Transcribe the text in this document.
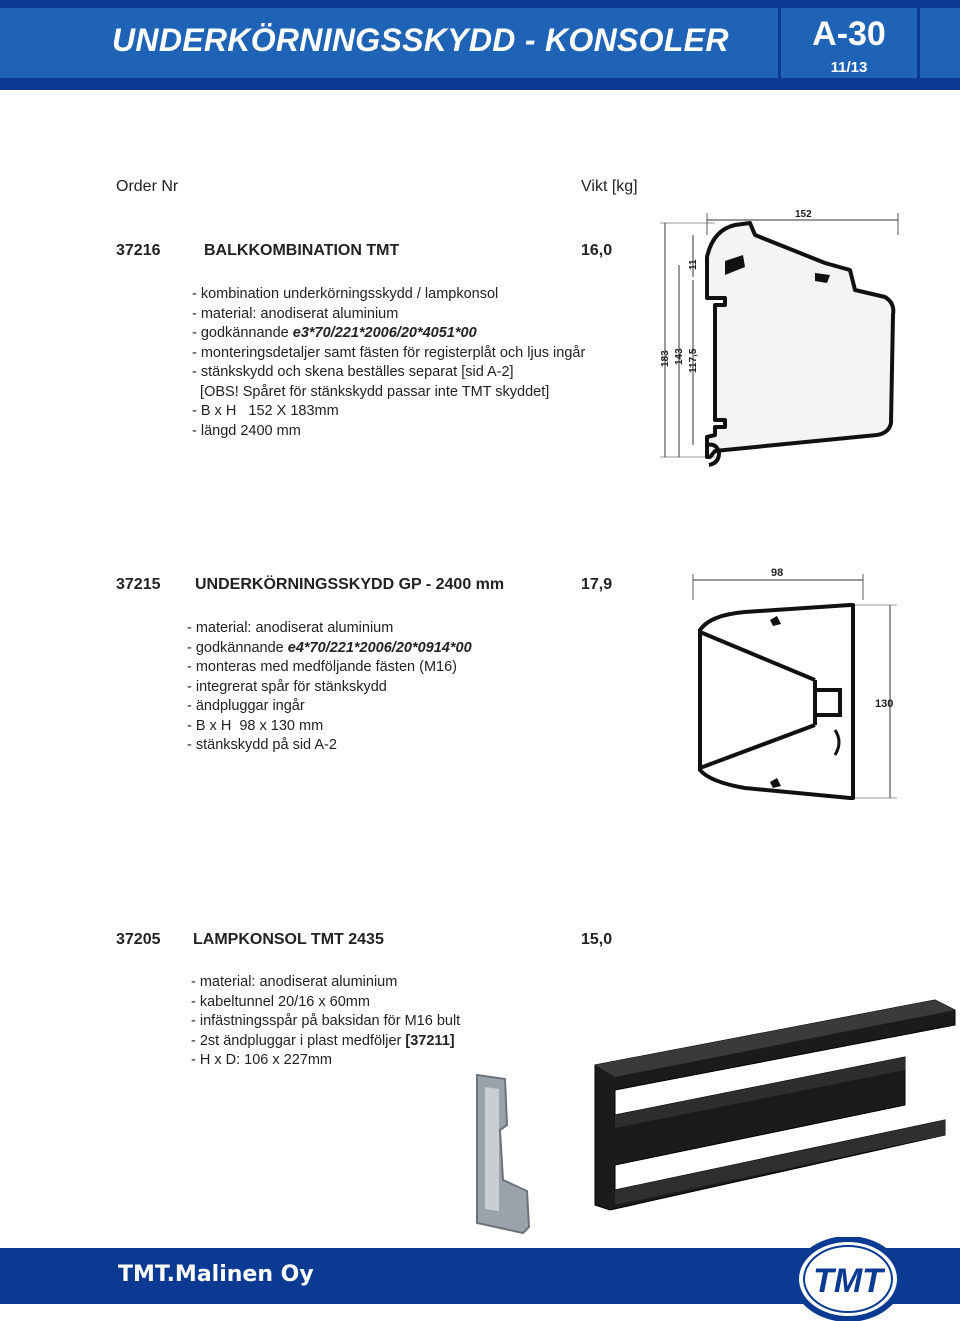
UNDERKÖRNINGSSKYDD - KONSOLER	A-30
11/13
Order Nr	Vikt [kg]
37216	BALKKOMBINATION TMT	16,0
- kombination underkörningsskydd / lampkonsol
- material: anodiserat aluminium
- godkännande e3*70/221*2006/20*4051*00
- monteringsdetaljer samt fästen för registerplåt och ljus ingår
- stänkskydd och skena beställes separat [sid A-2]
[OBS! Spåret för stänkskydd passar inte TMT skyddet]
- B x H   152 X 183mm
- längd 2400 mm
152
183 143 117,5
11
37215 UNDERKÖRNINGSSKYDD GP - 2400 mm	17,9
- material: anodiserat aluminium
- godkännande e4*70/221*2006/20*0914*00
- monteras med medföljande fästen (M16)
- integrerat spår för stänkskydd
- ändpluggar ingår
- B x H  98 x 130 mm
- stänkskydd på sid A-2
98
130
37205 LAMPKONSOL TMT 2435	15,0
- material: anodiserat aluminium
- kabeltunnel 20/16 x 60mm
- infästningsspår på baksidan för M16 bult
- 2st ändpluggar i plast medföljer [37211]
- H x D: 106 x 227mm
TMT.Malinen Oy	TMT
